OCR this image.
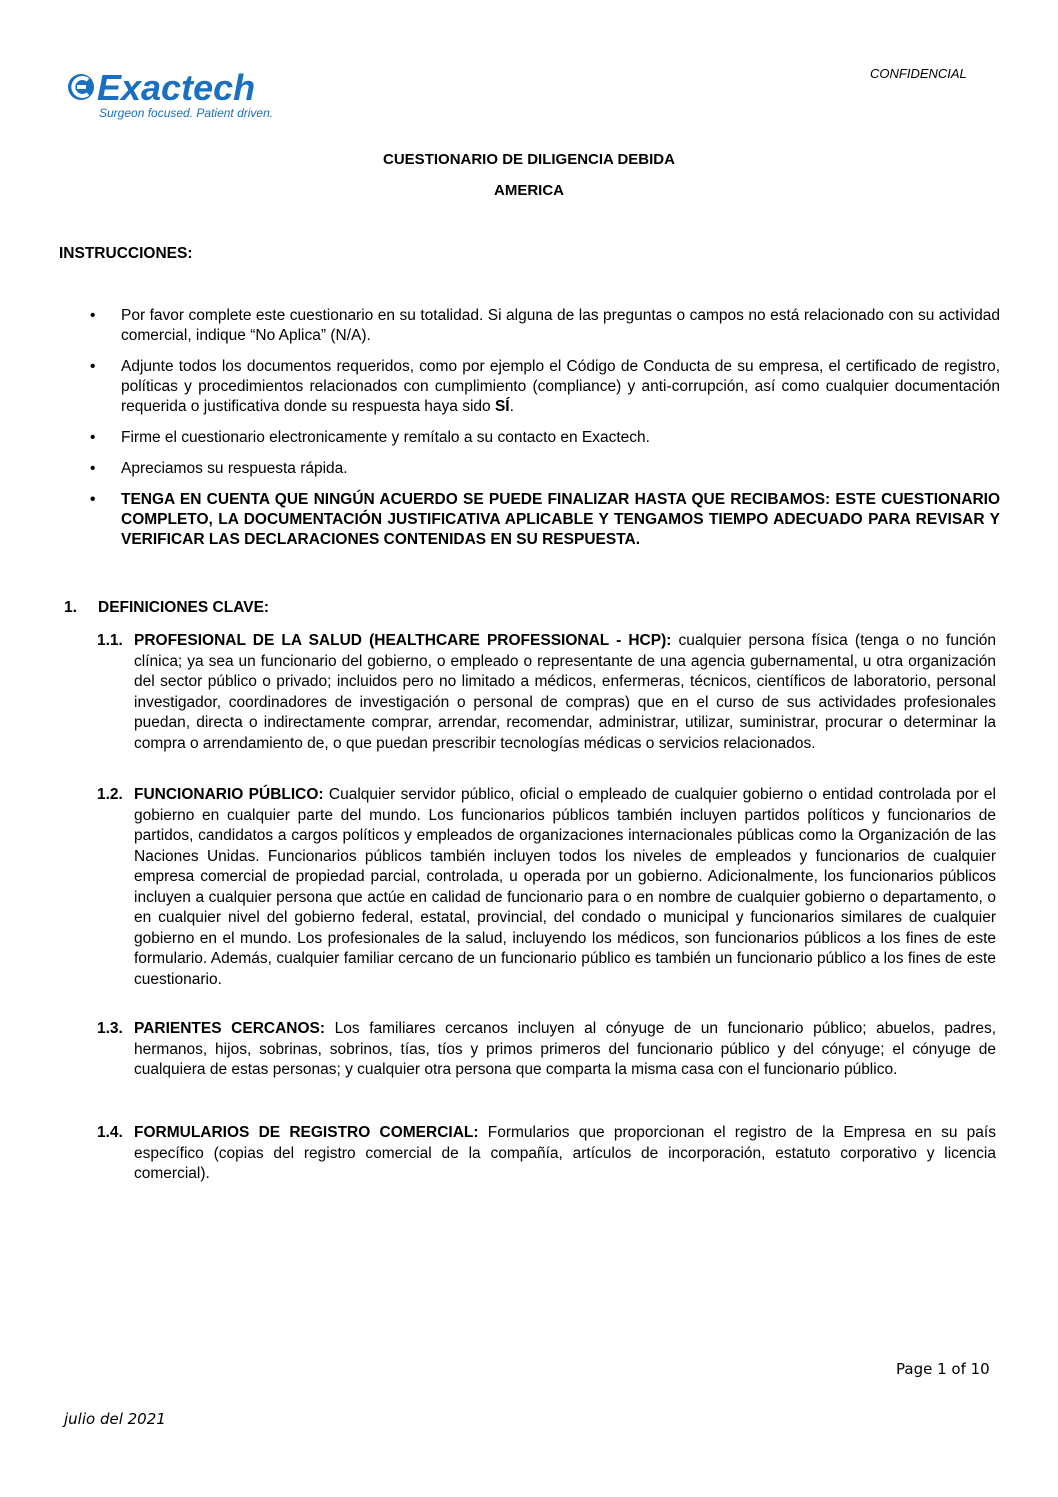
CONFIDENCIAL
Exactech
Surgeon focused. Patient driven.
CUESTIONARIO DE DILIGENCIA DEBIDA
AMERICA
INSTRUCCIONES:
• Por favor complete este cuestionario en su totalidad. Si alguna de las preguntas o campos no está relacionado con su actividad comercial, indique “No Aplica” (N/A).
• Adjunte todos los documentos requeridos, como por ejemplo el Código de Conducta de su empresa, el certificado de registro, políticas y procedimientos relacionados con cumplimiento (compliance) y anti-corrupción, así como cualquier documentación requerida o justificativa donde su respuesta haya sido SÍ.
• Firme el cuestionario electronicamente y remítalo a su contacto en Exactech.
• Apreciamos su respuesta rápida.
• TENGA EN CUENTA QUE NINGÚN ACUERDO SE PUEDE FINALIZAR HASTA QUE RECIBAMOS: ESTE CUESTIONARIO COMPLETO, LA DOCUMENTACIÓN JUSTIFICATIVA APLICABLE Y TENGAMOS TIEMPO ADECUADO PARA REVISAR Y VERIFICAR LAS DECLARACIONES CONTENIDAS EN SU RESPUESTA.
1. DEFINICIONES CLAVE:
1.1. PROFESIONAL DE LA SALUD (HEALTHCARE PROFESSIONAL - HCP): cualquier persona física (tenga o no función clínica; ya sea un funcionario del gobierno, o empleado o representante de una agencia gubernamental, u otra organización del sector público o privado; incluidos pero no limitado a médicos, enfermeras, técnicos, científicos de laboratorio, personal investigador, coordinadores de investigación o personal de compras) que en el curso de sus actividades profesionales puedan, directa o indirectamente comprar, arrendar, recomendar, administrar, utilizar, suministrar, procurar o determinar la compra o arrendamiento de, o que puedan prescribir tecnologías médicas o servicios relacionados.
1.2. FUNCIONARIO PÚBLICO: Cualquier servidor público, oficial o empleado de cualquier gobierno o entidad controlada por el gobierno en cualquier parte del mundo. Los funcionarios públicos también incluyen partidos políticos y funcionarios de partidos, candidatos a cargos políticos y empleados de organizaciones internacionales públicas como la Organización de las Naciones Unidas. Funcionarios públicos también incluyen todos los niveles de empleados y funcionarios de cualquier empresa comercial de propiedad parcial, controlada, u operada por un gobierno. Adicionalmente, los funcionarios públicos incluyen a cualquier persona que actúe en calidad de funcionario para o en nombre de cualquier gobierno o departamento, o en cualquier nivel del gobierno federal, estatal, provincial, del condado o municipal y funcionarios similares de cualquier gobierno en el mundo. Los profesionales de la salud, incluyendo los médicos, son funcionarios públicos a los fines de este formulario. Además, cualquier familiar cercano de un funcionario público es también un funcionario público a los fines de este cuestionario.
1.3. PARIENTES CERCANOS: Los familiares cercanos incluyen al cónyuge de un funcionario público; abuelos, padres, hermanos, hijos, sobrinas, sobrinos, tías, tíos y primos primeros del funcionario público y del cónyuge; el cónyuge de cualquiera de estas personas; y cualquier otra persona que comparta la misma casa con el funcionario público.
1.4. FORMULARIOS DE REGISTRO COMERCIAL: Formularios que proporcionan el registro de la Empresa en su país específico (copias del registro comercial de la compañía, artículos de incorporación, estatuto corporativo y licencia comercial).
Page 1 of 10
julio del 2021
